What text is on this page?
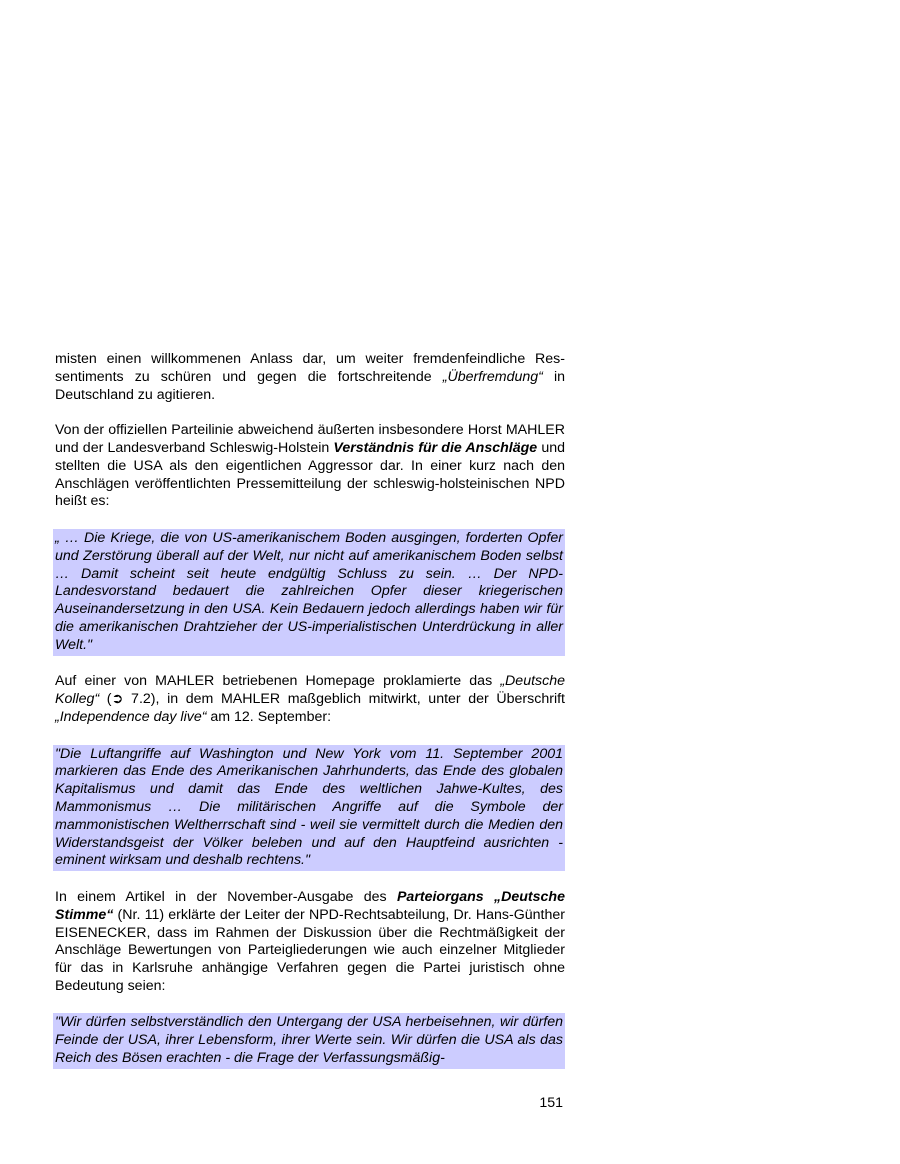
misten einen willkommenen Anlass dar, um weiter fremdenfeindliche Ressentiments zu schüren und gegen die fortschreitende „Überfremdung“ in Deutschland zu agitieren.

Von der offiziellen Parteilinie abweichend äußerten insbesondere Horst MAHLER und der Landesverband Schleswig-Holstein Verständnis für die Anschläge und stellten die USA als den eigentlichen Aggressor dar. In einer kurz nach den Anschlägen veröffentlichten Pressemitteilung der schleswig-holsteinischen NPD heißt es:

„ … Die Kriege, die von US-amerikanischem Boden ausgingen, forderten Opfer und Zerstörung überall auf der Welt, nur nicht auf amerikanischem Boden selbst … Damit scheint seit heute endgültig Schluss zu sein. … Der NPD-Landesvorstand bedauert die zahlreichen Opfer dieser kriegerischen Auseinandersetzung in den USA. Kein Bedauern jedoch allerdings haben wir für die amerikanischen Drahtzieher der US-imperialistischen Unterdrückung in aller Welt."

Auf einer von MAHLER betriebenen Homepage proklamierte das „Deutsche Kolleg“ (➲ 7.2), in dem MAHLER maßgeblich mitwirkt, unter der Überschrift „Independence day live“ am 12. September:

"Die Luftangriffe auf Washington und New York vom 11. September 2001 markieren das Ende des Amerikanischen Jahrhunderts, das Ende des globalen Kapitalismus und damit das Ende des weltlichen Jahwe-Kultes, des Mammonismus … Die militärischen Angriffe auf die Symbole der mammonistischen Weltherrschaft sind - weil sie vermittelt durch die Medien den Widerstandsgeist der Völker beleben und auf den Hauptfeind ausrichten - eminent wirksam und deshalb rechtens."

In einem Artikel in der November-Ausgabe des Parteiorgans „Deutsche Stimme“ (Nr. 11) erklärte der Leiter der NPD-Rechtsabteilung, Dr. Hans-Günther EISENECKER, dass im Rahmen der Diskussion über die Rechtmäßigkeit der Anschläge Bewertungen von Parteigliederungen wie auch einzelner Mitglieder für das in Karlsruhe anhängige Verfahren gegen die Partei juristisch ohne Bedeutung seien:

"Wir dürfen selbstverständlich den Untergang der USA herbeisehnen, wir dürfen Feinde der USA, ihrer Lebensform, ihrer Werte sein. Wir dürfen die USA als das Reich des Bösen erachten - die Frage der Verfassungsmäßig-
151
